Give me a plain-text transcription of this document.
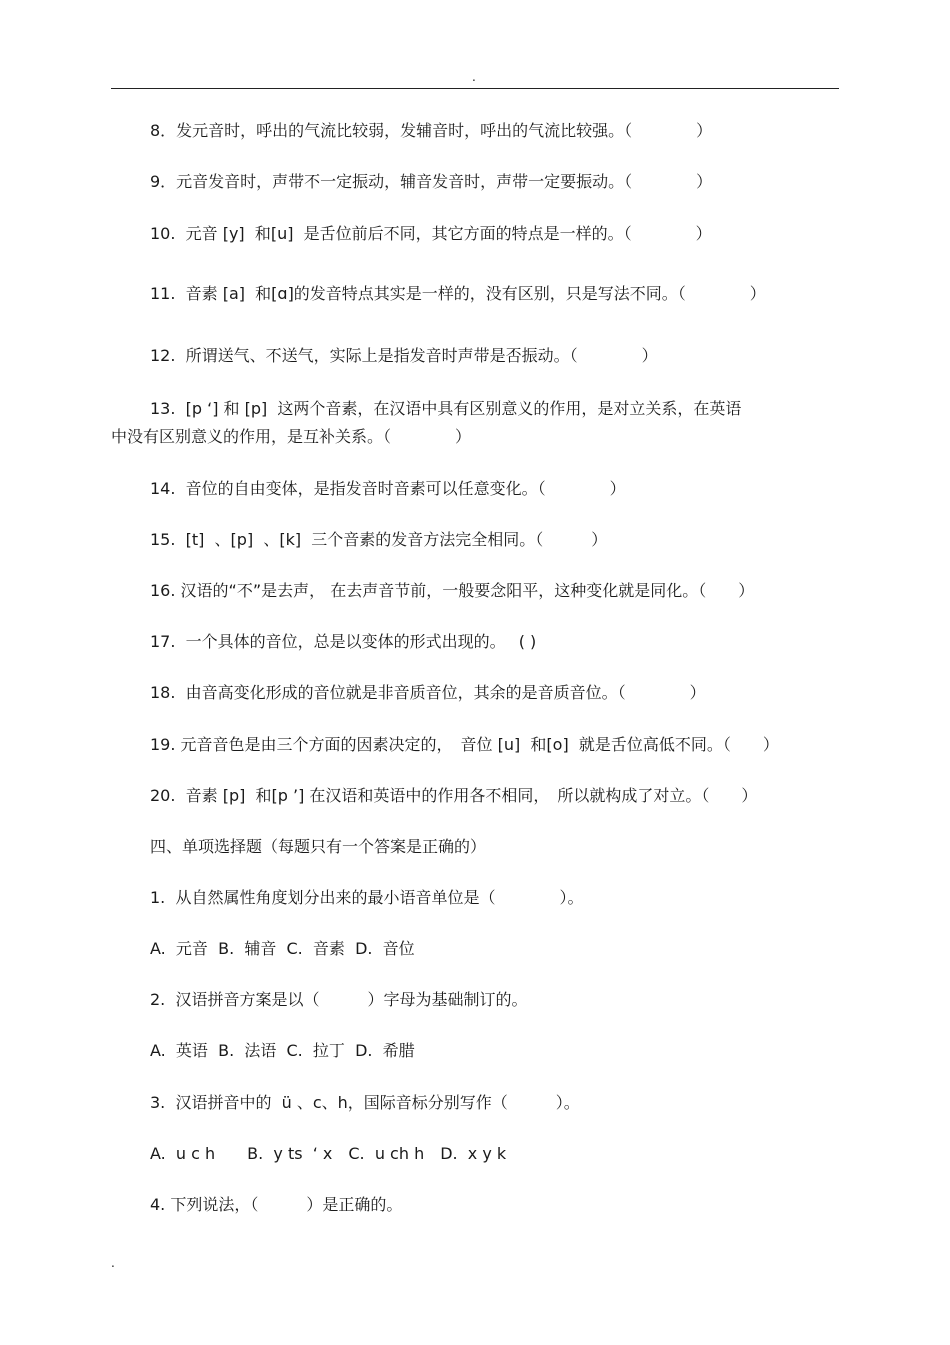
.
8．发元音时，呼出的气流比较弱，发辅音时，呼出的气流比较强。（　　　　）
9．元音发音时，声带不一定振动，辅音发音时，声带一定要振动。（　　　　）
10.  元音 [y]  和[u]  是舌位前后不同，其它方面的特点是一样的。（　　　　）
11.  音素 [a]  和[ɑ]的发音特点其实是一样的，没有区别，只是写法不同。（　　　　）
12.  所谓送气、不送气，实际上是指发音时声带是否振动。（　　　　）
13.  [p ‘] 和 [p]  这两个音素，在汉语中具有区别意义的作用，是对立关系，在英语
中没有区别意义的作用，是互补关系。（　　　　）
14.  音位的自由变体，是指发音时音素可以任意变化。（　　　　）
15.  [t]  、[p]  、[k]  三个音素的发音方法完全相同。（　　　）
16. 汉语的“不”是去声， 在去声音节前，一般要念阳平，这种变化就是同化。（　　）
17.  一个具体的音位，总是以变体的形式出现的。　 ( )
18.  由音高变化形成的音位就是非音质音位，其余的是音质音位。（　　　　）
19. 元音音色是由三个方面的因素决定的，　音位 [u]  和[o]  就是舌位高低不同。（　　）
20.  音素 [p]  和[p ’] 在汉语和英语中的作用各不相同，　所以就构成了对立。（　　）
四、单项选择题（每题只有一个答案是正确的）
1.  从自然属性角度划分出来的最小语音单位是（　　　　）。
A.  元音  B.  辅音  C.  音素  D.  音位
2.  汉语拼音方案是以（　　　）字母为基础制订的。
A.  英语  B.  法语  C.  拉丁  D.  希腊
3.  汉语拼音中的  ü 、c、h，国际音标分别写作（　　　）。
A.  u c h　　B.  y ts  ‘ x　C.  u ch h　D.  x y k
4. 下列说法，（　　　）是正确的。
.
